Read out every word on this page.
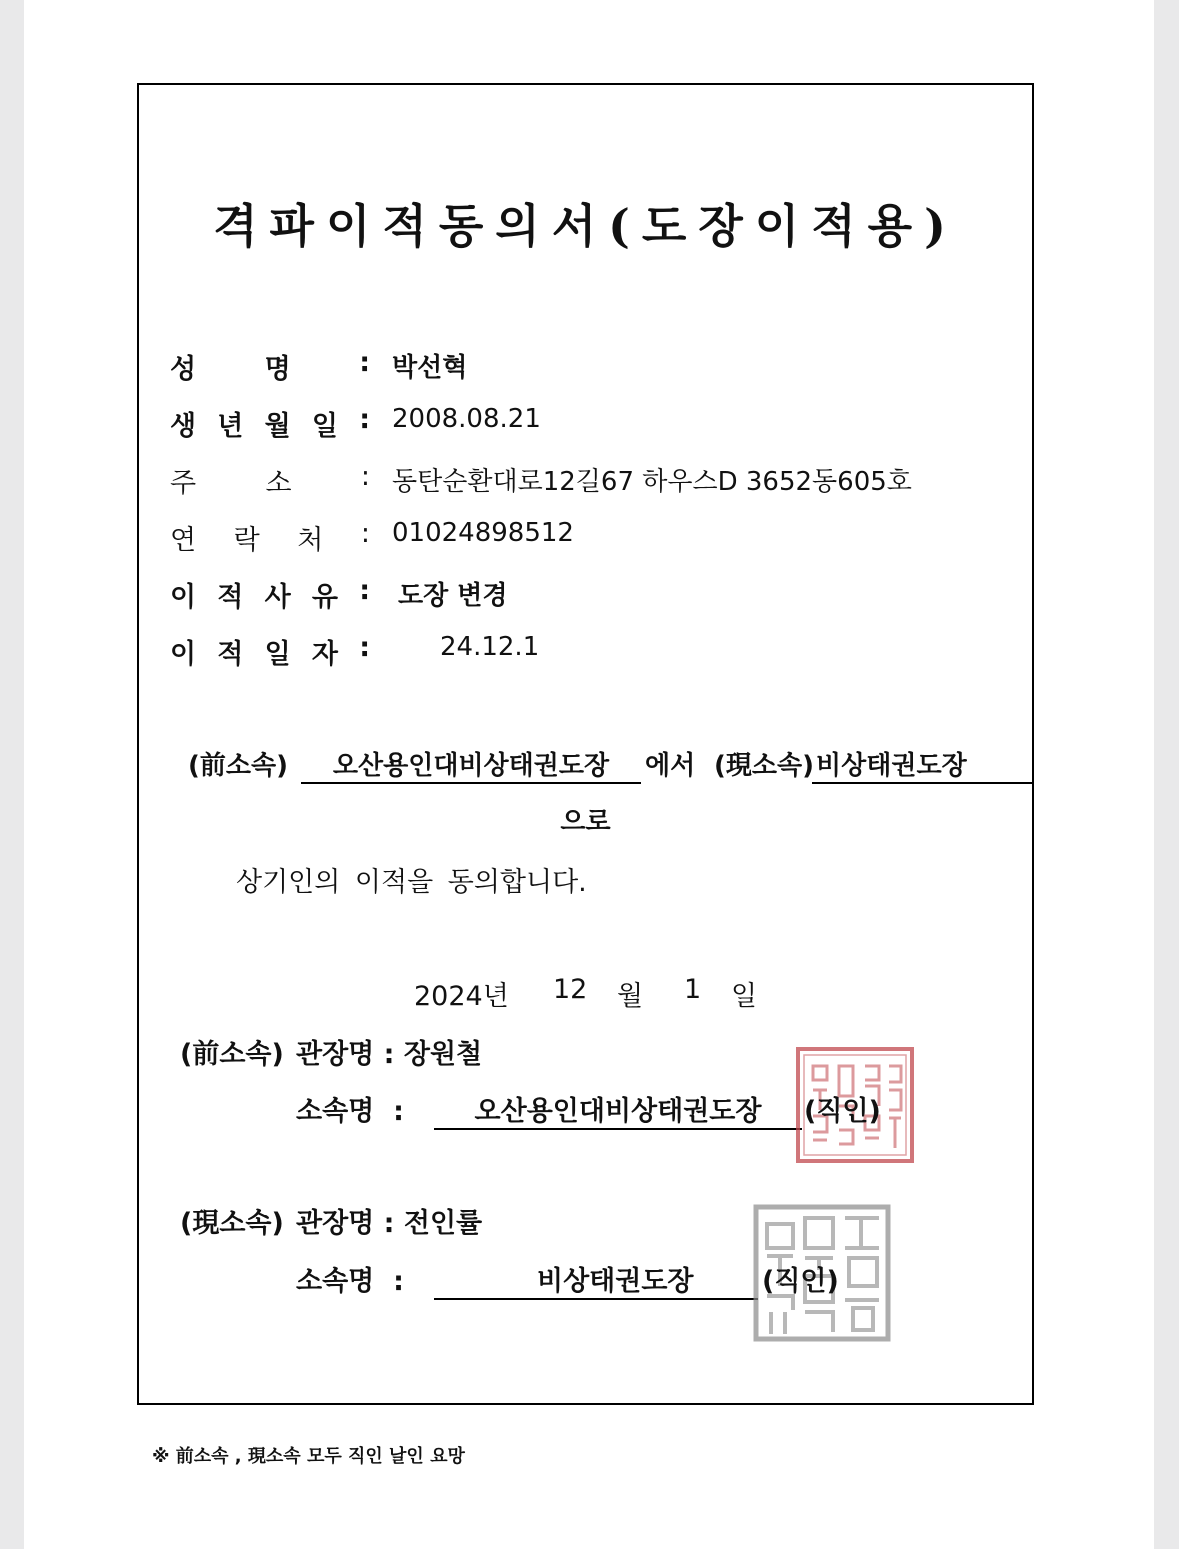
격파이적동의서(도장이적용)
성	명	: 박선혁
생 년 월 일 : 2008.08.21
주	소	: 동탄순환대로12길67 하우스D 3652동605호
연 락 처 : 01024898512
이 적 사 유 : 도장 변경
이 적 일 자 :	24.12.1
(前소속)	오산용인대비상태권도장	에서 (現소속) 비상태권도장
으로
상기인의 이적을 동의합니다.
2024년 12 월 1 일
(前소속) 관장명 : 장원철
소속명 :	오산용인대비상태권도장	(직인)
(現소속) 관장명 : 전인률
소속명 :	비상태권도장	(직인)
※ 前소속 , 現소속 모두 직인 날인 요망
